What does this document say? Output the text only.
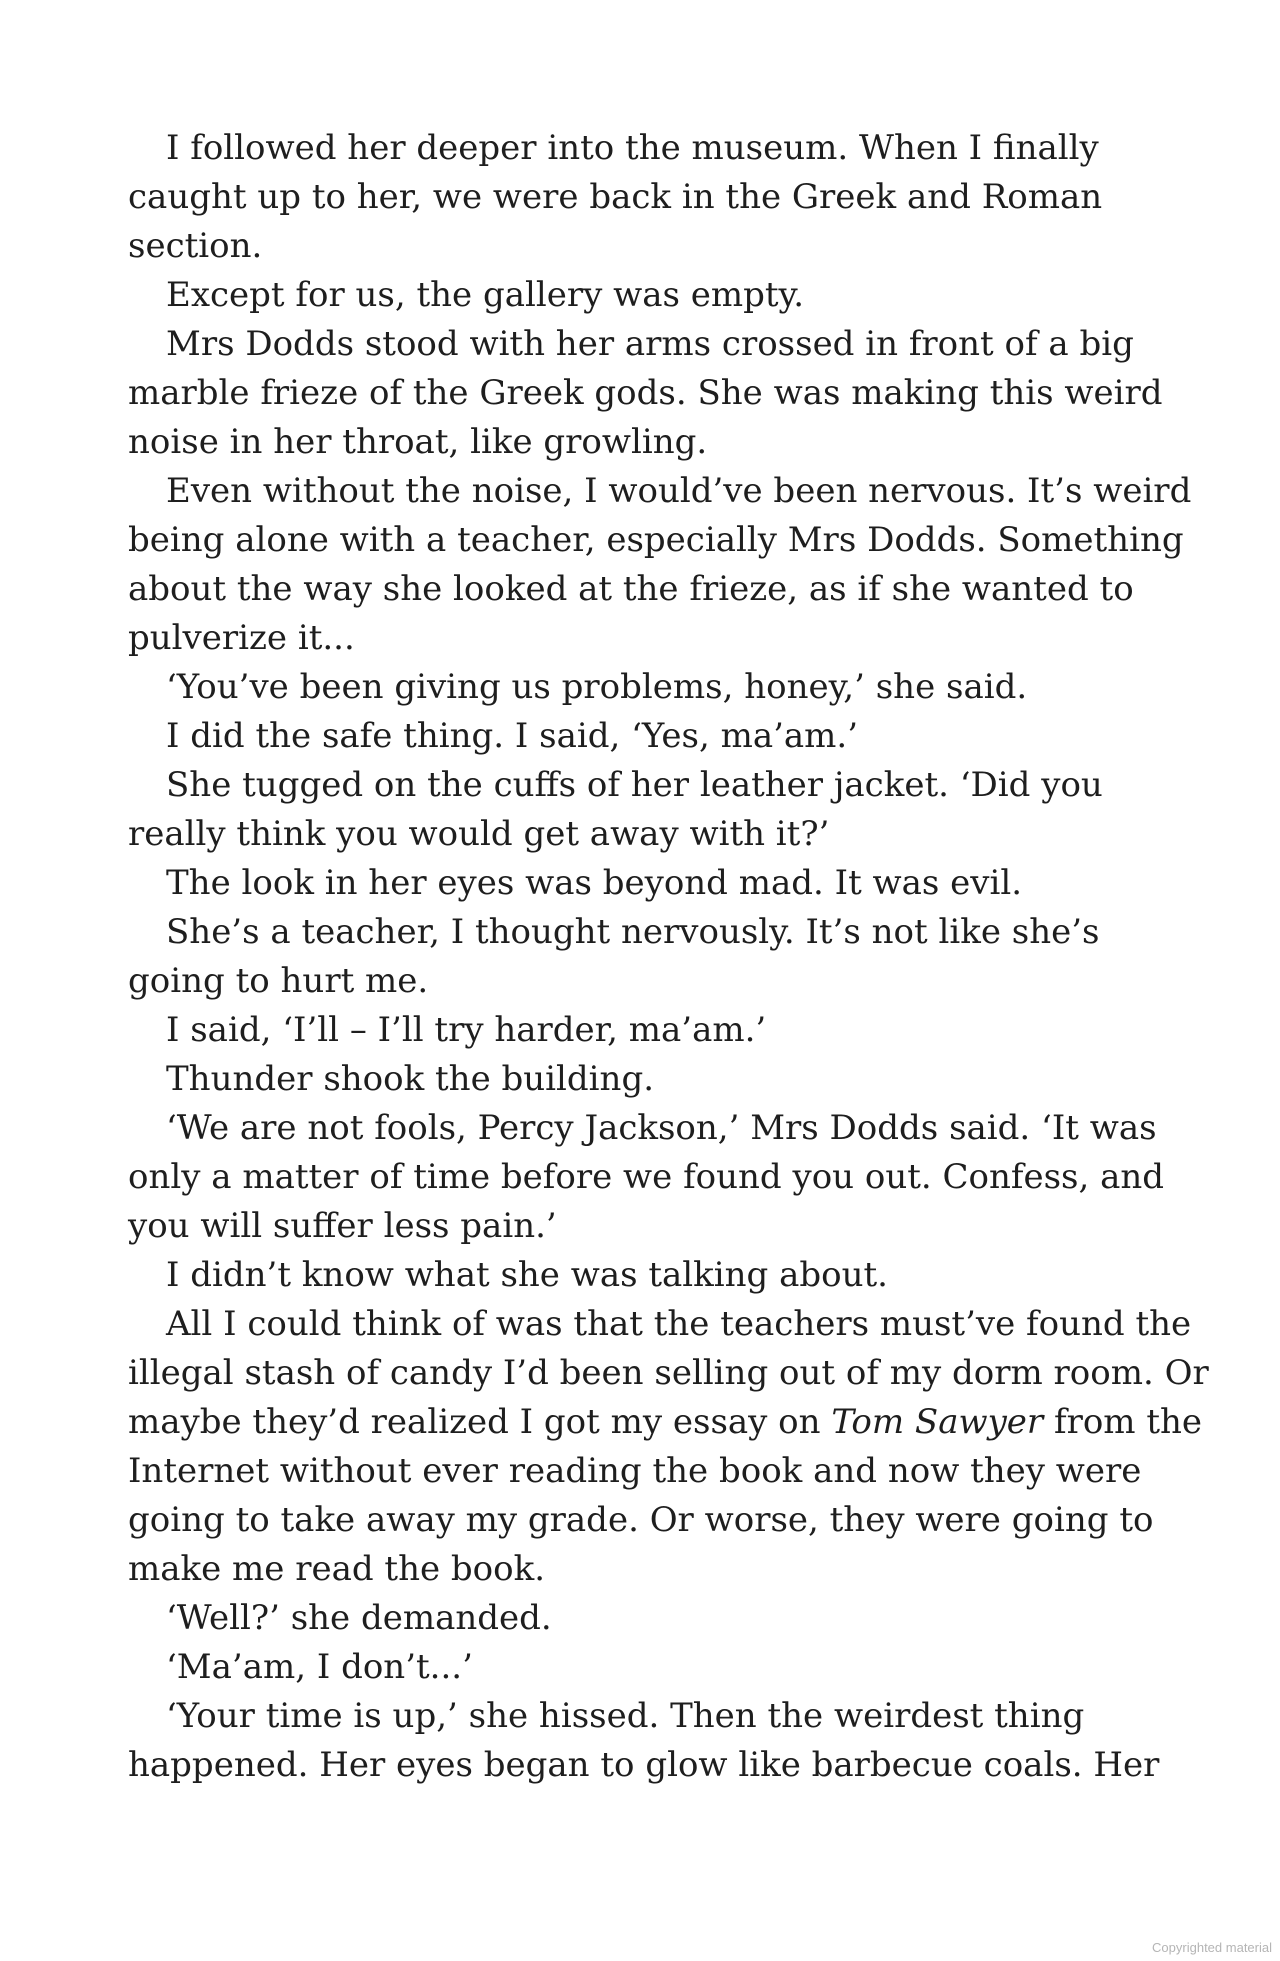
I followed her deeper into the museum. When I finally
caught up to her, we were back in the Greek and Roman
section.
Except for us, the gallery was empty.
Mrs Dodds stood with her arms crossed in front of a big
marble frieze of the Greek gods. She was making this weird
noise in her throat, like growling.
Even without the noise, I would’ve been nervous. It’s weird
being alone with a teacher, especially Mrs Dodds. Something
about the way she looked at the frieze, as if she wanted to
pulverize it...
‘You’ve been giving us problems, honey,’ she said.
I did the safe thing. I said, ‘Yes, ma’am.’
She tugged on the cuffs of her leather jacket. ‘Did you
really think you would get away with it?’
The look in her eyes was beyond mad. It was evil.
She’s a teacher, I thought nervously. It’s not like she’s
going to hurt me.
I said, ‘I’ll – I’ll try harder, ma’am.’
Thunder shook the building.
‘We are not fools, Percy Jackson,’ Mrs Dodds said. ‘It was
only a matter of time before we found you out. Confess, and
you will suffer less pain.’
I didn’t know what she was talking about.
All I could think of was that the teachers must’ve found the
illegal stash of candy I’d been selling out of my dorm room. Or
maybe they’d realized I got my essay on Tom Sawyer from the
Internet without ever reading the book and now they were
going to take away my grade. Or worse, they were going to
make me read the book.
‘Well?’ she demanded.
‘Ma’am, I don’t...’
‘Your time is up,’ she hissed. Then the weirdest thing
happened. Her eyes began to glow like barbecue coals. Her
Copyrighted material
